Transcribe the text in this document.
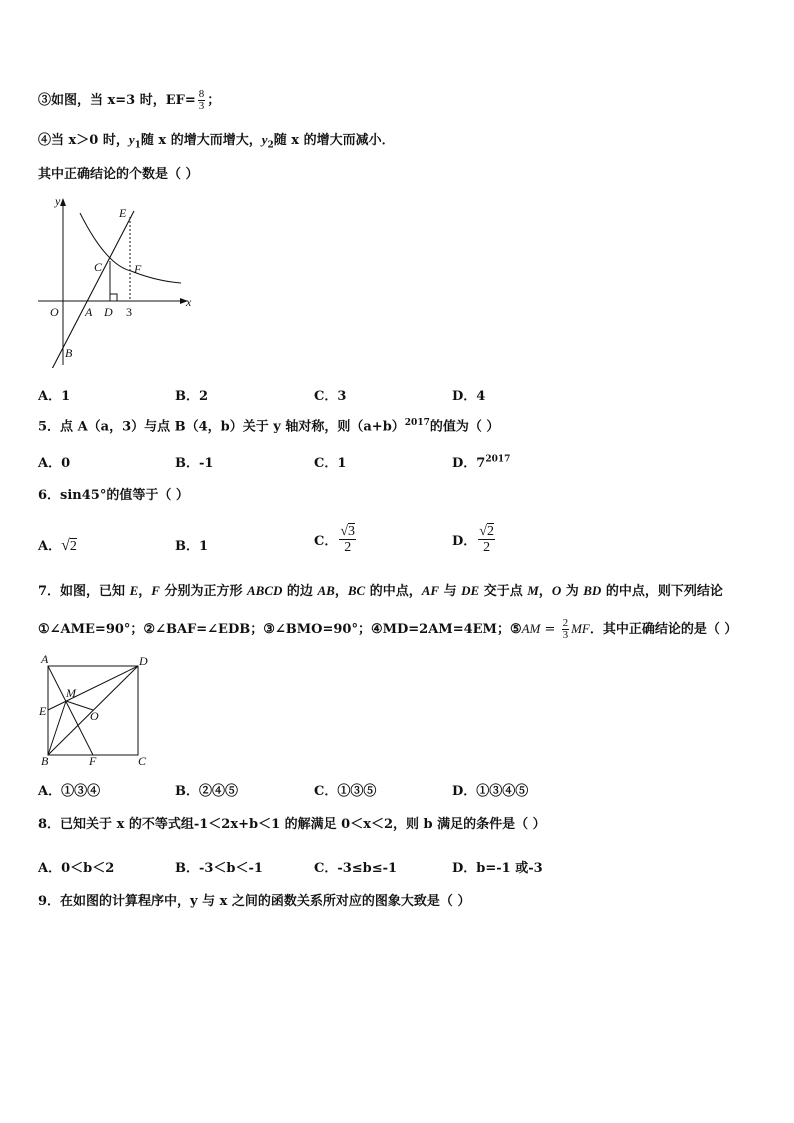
③如图，当 x=3 时，$EF= \frac{8}{3}$ ；
④当 x＞0 时，$y_1$随 x 的增大而增大，$y_2$随 x 的增大而减小．
其中正确结论的个数是（ ）
y
x
E
C	F
O A D 3
B
A．1	B．2	C．3	D．4
5．点 A（a，3）与点 B（4，b）关于 y 轴对称，则$(a+b)^{2017}$的值为（ ）
A．0	B．-1	C．1	D．$7^{2017}$
6．sin45°的值等于（ ）
A．√2	B．1	C． $\frac{√3}{2}$	D． $\frac{√2}{2}$
7．如图，已知 E，F 分别为正方形 ABCD 的边 AB，BC 的中点，AF 与 DE 交于点 M，O 为 BD 的中点，则下列结论
①∠AME=90°；②∠BAF=∠EDB；③∠BMO=90°；④MD=2AM=4EM；⑤AM = $\frac{2}{3}$ MF．其中正确结论的是（ ）
A	D
M
E	O
B	F	C
A．①③④	B．②④⑤	C．①③⑤	D．①③④⑤
8．已知关于 x 的不等式组-1＜2x+b＜1 的解满足 0＜x＜2，则 b 满足的条件是（ ）
A．0＜b＜2	B．-3＜b＜-1	C．-3≤b≤-1	D．b=-1 或-3
9．在如图的计算程序中，y 与 x 之间的函数关系所对应的图象大致是（ ）
